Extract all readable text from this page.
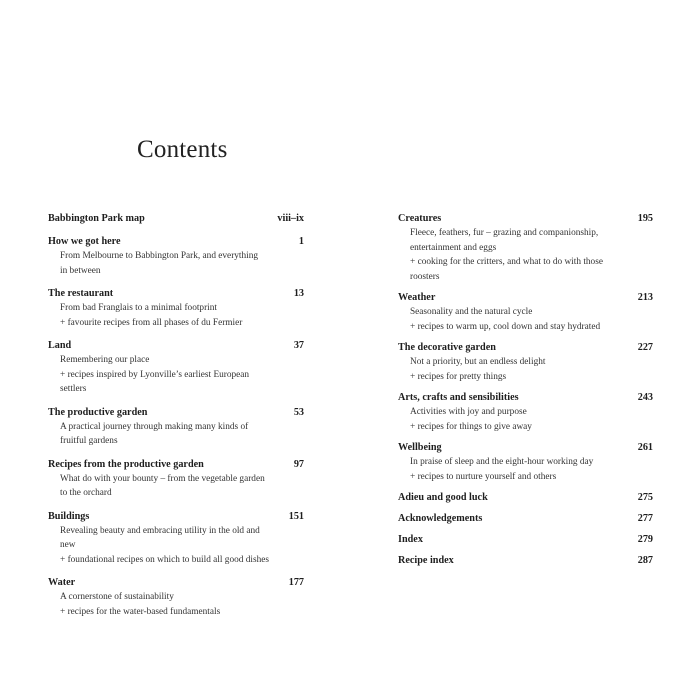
Contents
Babbington Park map	viii–ix
How we got here	1
From Melbourne to Babbington Park, and everything
in between
The restaurant	13
From bad Franglais to a minimal footprint
+ favourite recipes from all phases of du Fermier
Land	37
Remembering our place
+ recipes inspired by Lyonville’s earliest European settlers
The productive garden	53
A practical journey through making many kinds of
fruitful gardens
Recipes from the productive garden	97
What do with your bounty – from the vegetable garden
to the orchard
Buildings	151
Revealing beauty and embracing utility in the old and new
+ foundational recipes on which to build all good dishes
Water	177
A cornerstone of sustainability
+ recipes for the water-based fundamentals
Creatures	195
Fleece, feathers, fur – grazing and companionship,
entertainment and eggs
+ cooking for the critters, and what to do with those roosters
Weather	213
Seasonality and the natural cycle
+ recipes to warm up, cool down and stay hydrated
The decorative garden	227
Not a priority, but an endless delight
+ recipes for pretty things
Arts, crafts and sensibilities	243
Activities with joy and purpose
+ recipes for things to give away
Wellbeing	261
In praise of sleep and the eight-hour working day
+ recipes to nurture yourself and others
Adieu and good luck	275
Acknowledgements	277
Index	279
Recipe index	287
